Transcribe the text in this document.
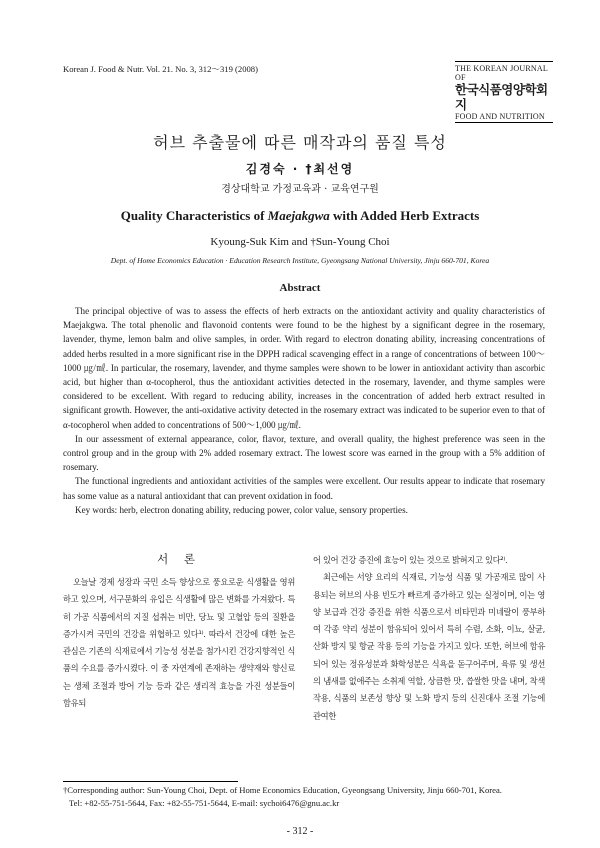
Korean J. Food & Nutr. Vol. 21. No. 3, 312～319 (2008)	THE KOREAN JOURNAL OF
한국식품영양학회지
FOOD AND NUTRITION
허브 추출물에 따른 매작과의 품질 특성
김경숙 · †최선영
경상대학교 가정교육과 · 교육연구원
Quality Characteristics of Maejakgwa with Added Herb Extracts
Kyoung-Suk Kim and †Sun-Young Choi
Dept. of Home Economics Education · Education Research Institute, Gyeongsang National University, Jinju 660-701, Korea
Abstract

The principal objective of was to assess the effects of herb extracts on the antioxidant activity and quality characteristics of Maejakgwa. The total phenolic and flavonoid contents were found to be the highest by a significant degree in the rosemary, lavender, thyme, lemon balm and olive samples, in order. With regard to electron donating ability, increasing concentrations of added herbs resulted in a more significant rise in the DPPH radical scavenging effect in a range of concentrations of between 100～1000 ㎍/㎖. In particular, the rosemary, lavender, and thyme samples were shown to be lower in antioxidant activity than ascorbic acid, but higher than α-tocopherol, thus the antioxidant activities detected in the rosemary, lavender, and thyme samples were considered to be excellent. With regard to reducing ability, increases in the concentration of added herb extract resulted in significant growth. However, the anti-oxidative activity detected in the rosemary extract was indicated to be superior even to that of α-tocopherol when added to concentrations of 500～1,000 ㎍/㎖.

In our assessment of external appearance, color, flavor, texture, and overall quality, the highest preference was seen in the control group and in the group with 2% added rosemary extract. The lowest score was earned in the group with a 5% addition of rosemary.

The functional ingredients and antioxidant activities of the samples were excellent. Our results appear to indicate that rosemary has some value as a natural antioxidant that can prevent oxidation in food.

Key words: herb, electron donating ability, reducing power, color value, sensory properties.

서 론

오늘날 경제 성장과 국민 소득 향상으로 풍요로운 식생활을 영위하고 있으며, 서구문화의 유입은 식생활에 많은 변화를 가져왔다. 특히 가공 식품에서의 지질 섭취는 비만, 당뇨 및 고혈압 등의 질환을 증가시켜 국민의 건강을 위협하고 있다¹⁾. 따라서 건강에 대한 높은 관심은 기존의 식재료에서 기능성 성분을 첨가시킨 건강지향적인 식품의 수요를 증가시켰다. 이 중 자연계에 존재하는 생약재와 향신료는 생체 조절과 방어 기능 등과 같은 생리적 효능을 가진 성분들이 함유되

어 있어 건강 증진에 효능이 있는 것으로 밝혀지고 있다²⁾.

최근에는 서양 요리의 식재료, 기능성 식품 및 가공재로 많이 사용되는 허브의 사용 빈도가 빠르게 증가하고 있는 실정이며, 이는 영양 보급과 건강 증진을 위한 식품으로서 비타민과 미네랄이 풍부하여 각종 약리 성분이 함유되어 있어서 특히 수렴, 소화, 이뇨, 살균, 산화 방지 및 항균 작용 등의 기능을 가지고 있다. 또한, 허브에 함유되어 있는 정유성분과 화학성분은 식욕을 돋구어주며, 육류 및 생선의 냄새를 없애주는 소취제 역할, 상큼한 맛, 씁쌀한 맛을 내며, 착색 작용, 식품의 보존성 향상 및 노화 방지 등의 신진대사 조절 기능에 관여한

†Corresponding author: Sun-Young Choi, Dept. of Home Economics Education, Gyeongsang University, Jinju 660-701, Korea.
Tel: +82-55-751-5644, Fax: +82-55-751-5644, E-mail: sychoi6476@gnu.ac.kr
- 312 -
